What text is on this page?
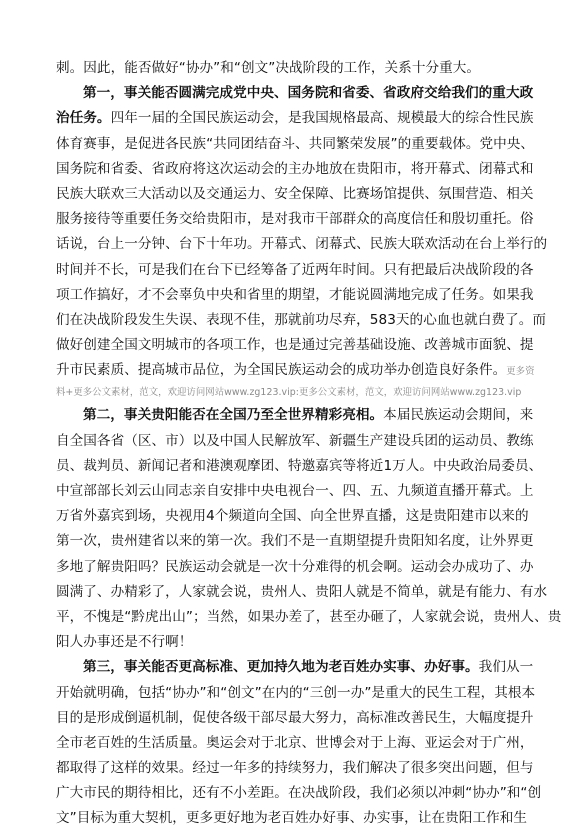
刺。因此，能否做好“协办”和“创文”决战阶段的工作，关系十分重大。
第一，事关能否圆满完成党中央、国务院和省委、省政府交给我们的重大政
治任务。四年一届的全国民族运动会，是我国规格最高、规模最大的综合性民族
体育赛事，是促进各民族“共同团结奋斗、共同繁荣发展”的重要载体。党中央、
国务院和省委、省政府将这次运动会的主办地放在贵阳市，将开幕式、闭幕式和
民族大联欢三大活动以及交通运力、安全保障、比赛场馆提供、氛围营造、相关
服务接待等重要任务交给贵阳市，是对我市干部群众的高度信任和殷切重托。俗
话说，台上一分钟、台下十年功。开幕式、闭幕式、民族大联欢活动在台上举行的
时间并不长，可是我们在台下已经筹备了近两年时间。只有把最后决战阶段的各
项工作搞好，才不会辜负中央和省里的期望，才能说圆满地完成了任务。如果我
们在决战阶段发生失误、表现不佳，那就前功尽弃，583天的心血也就白费了。而
做好创建全国文明城市的各项工作，也是通过完善基础设施、改善城市面貌、提
升市民素质、提高城市品位，为全国民族运动会的成功举办创造良好条件。更多资
料+更多公文素材，范文，欢迎访问网站www.zg123.vip:更多公文素材，范文，欢迎访问网站www.zg123.vip
第二，事关贵阳能否在全国乃至全世界精彩亮相。本届民族运动会期间，来
自全国各省（区、市）以及中国人民解放军、新疆生产建设兵团的运动员、教练
员、裁判员、新闻记者和港澳观摩团、特邀嘉宾等将近1万人。中央政治局委员、
中宣部部长刘云山同志亲自安排中央电视台一、四、五、九频道直播开幕式。上
万省外嘉宾到场，央视用4个频道向全国、向全世界直播，这是贵阳建市以来的
第一次，贵州建省以来的第一次。我们不是一直期望提升贵阳知名度，让外界更
多地了解贵阳吗？民族运动会就是一次十分难得的机会啊。运动会办成功了、办
圆满了、办精彩了，人家就会说，贵州人、贵阳人就是不简单，就是有能力、有水
平，不愧是“黔虎出山”；当然，如果办差了，甚至办砸了，人家就会说，贵州人、贵
阳人办事还是不行啊！
第三，事关能否更高标准、更加持久地为老百姓办实事、办好事。我们从一
开始就明确，包括“协办”和“创文”在内的“三创一办”是重大的民生工程，其根本
目的是形成倒逼机制，促使各级干部尽最大努力，高标准改善民生，大幅度提升
全市老百姓的生活质量。奥运会对于北京、世博会对于上海、亚运会对于广州，
都取得了这样的效果。经过一年多的持续努力，我们解决了很多突出问题，但与
广大市民的期待相比，还有不小差距。在决战阶段，我们必须以冲刺“协办”和“创
文”目标为重大契机，更多更好地为老百姓办好事、办实事，让在贵阳工作和生
